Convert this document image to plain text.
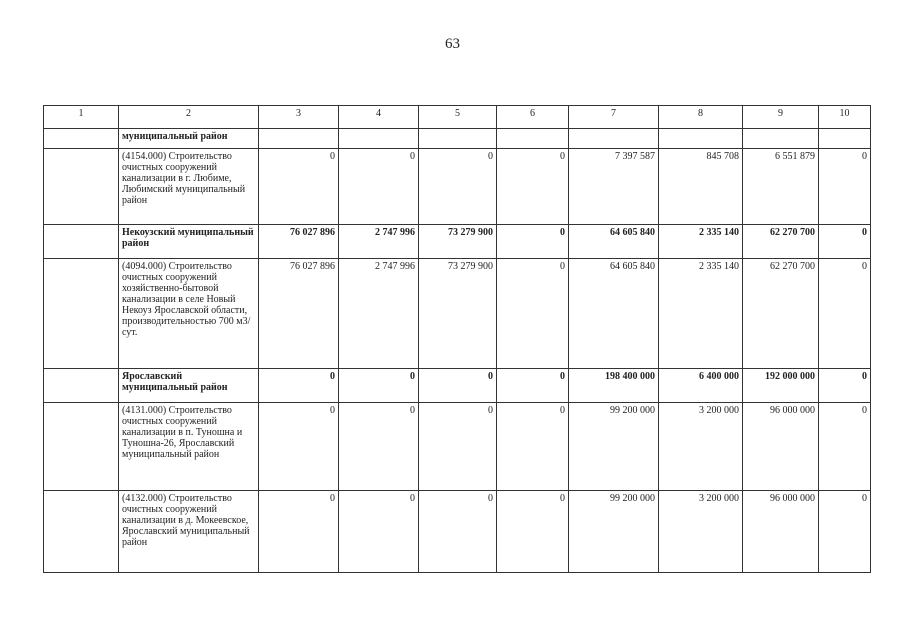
63
1	2	3	4	5	6	7	8	9	10
	муниципальный район								
	(4154.000) Строительство очистных сооружений канализации в г. Любиме, Любимский муниципальный район	0	0	0	0	7 397 587	845 708	6 551 879	0
	Некоузский муниципальный район	76 027 896	2 747 996	73 279 900	0	64 605 840	2 335 140	62 270 700	0
	(4094.000) Строительство очистных сооружений хозяйственно-бытовой канализации в селе Новый Некоуз Ярославской области, производительностью 700 м3/сут.	76 027 896	2 747 996	73 279 900	0	64 605 840	2 335 140	62 270 700	0
	Ярославский муниципальный район	0	0	0	0	198 400 000	6 400 000	192 000 000	0
	(4131.000) Строительство очистных сооружений канализации в п. Туношна и Туношна-26, Ярославский муниципальный район	0	0	0	0	99 200 000	3 200 000	96 000 000	0
	(4132.000) Строительство очистных сооружений канализации в д. Мокеевское, Ярославский муниципальный район	0	0	0	0	99 200 000	3 200 000	96 000 000	0
